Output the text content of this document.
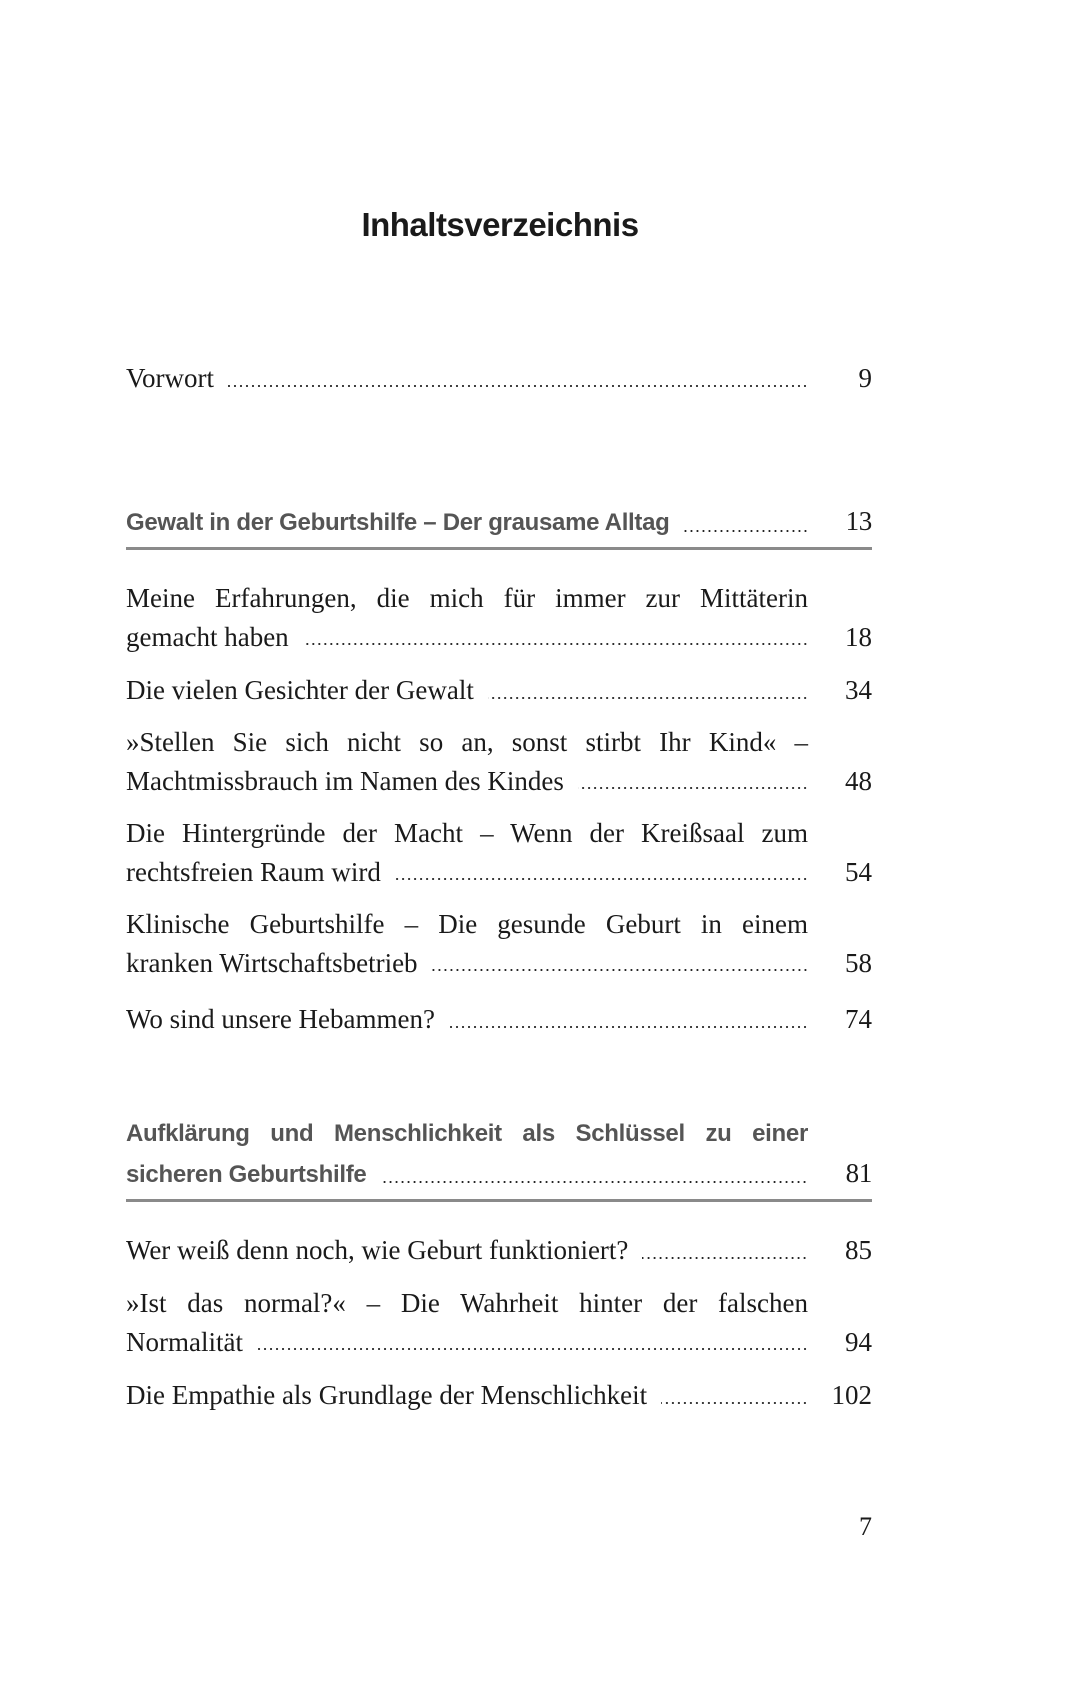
Inhaltsverzeichnis
Vorwort	9
Gewalt in der Geburtshilfe – Der grausame Alltag	13
Meine Erfahrungen, die mich für immer zur Mittäterin
gemacht haben	18
Die vielen Gesichter der Gewalt	34
»Stellen Sie sich nicht so an, sonst stirbt Ihr Kind« –
Machtmissbrauch im Namen des Kindes	48
Die Hintergründe der Macht – Wenn der Kreißsaal zum
rechtsfreien Raum wird	54
Klinische Geburtshilfe – Die gesunde Geburt in einem
kranken Wirtschaftsbetrieb	58
Wo sind unsere Hebammen?	74
Aufklärung und Menschlichkeit als Schlüssel zu einer
sicheren Geburtshilfe	81
Wer weiß denn noch, wie Geburt funktioniert?	85
»Ist das normal?« – Die Wahrheit hinter der falschen
Normalität	94
Die Empathie als Grundlage der Menschlichkeit	102
7
